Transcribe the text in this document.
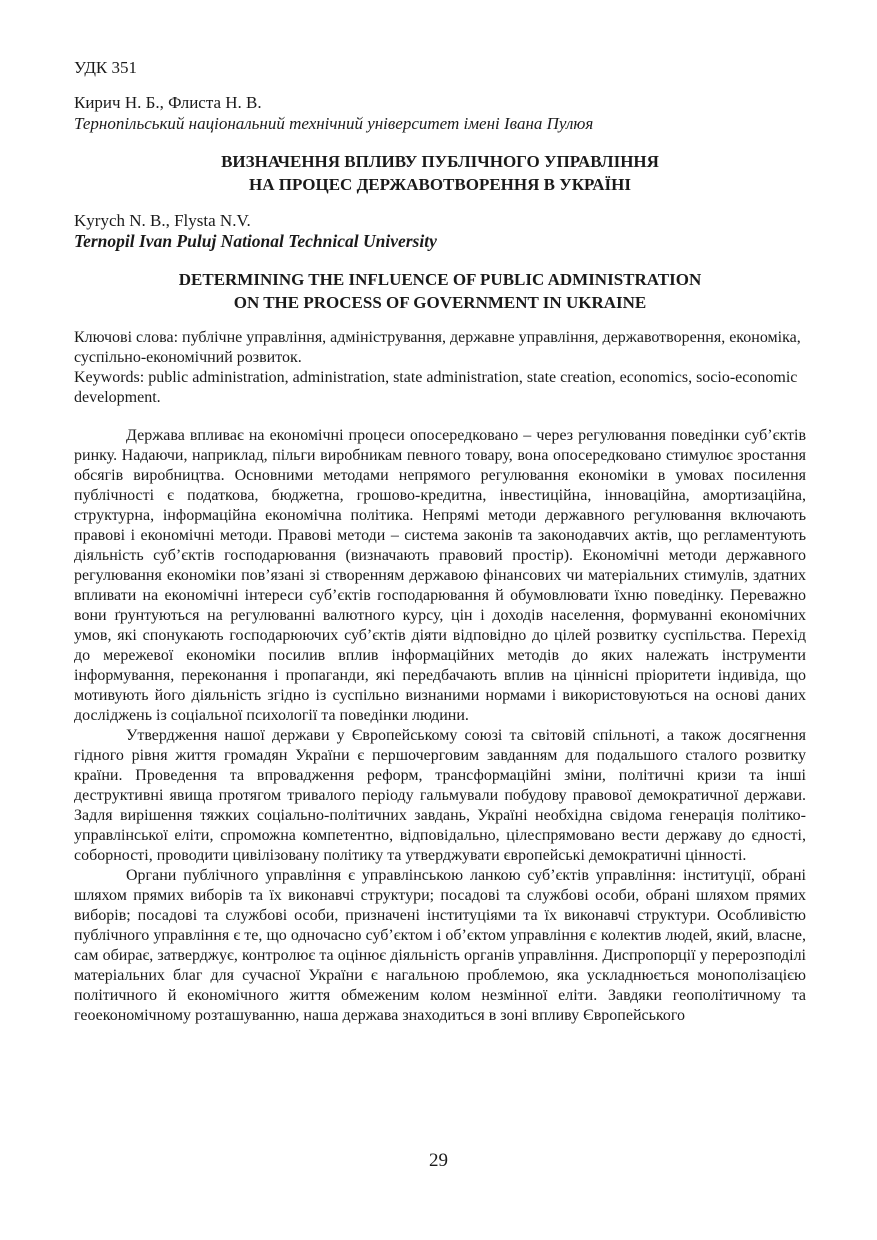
УДК 351
Кирич Н. Б., Флиста Н. В.
Тернопільський національний технічний університет імені Івана Пулюя
ВИЗНАЧЕННЯ ВПЛИВУ ПУБЛІЧНОГО УПРАВЛІННЯ
НА ПРОЦЕС ДЕРЖАВОТВОРЕННЯ В УКРАЇНІ
Kyrych N. B., Flysta N.V.
Ternopil Ivan Puluj National Technical University
DETERMINING THE INFLUENCE OF PUBLIC ADMINISTRATION
ON THE PROCESS OF GOVERNMENT IN UKRAINE

Ключові слова: публічне управління, адміністрування, державне управління, державотворення, економіка, суспільно-економічний розвиток.

Keywords: public administration, administration, state administration, state creation, economics, socio-economic development.

Держава впливає на економічні процеси опосередковано – через регулювання поведінки суб’єктів ринку. Надаючи, наприклад, пільги виробникам певного товару, вона опосередковано стимулює зростання обсягів виробництва. Основними методами непрямого регулювання економіки в умовах посилення публічності є податкова, бюджетна, грошово-кредитна, інвестиційна, інноваційна, амортизаційна, структурна, інформаційна економічна політика. Непрямі методи державного регулювання включають правові і економічні методи. Правові методи – система законів та законодавчих актів, що регламентують діяльність суб’єктів господарювання (визначають правовий простір). Економічні методи державного регулювання економіки пов’язані зі створенням державою фінансових чи матеріальних стимулів, здатних впливати на економічні інтереси суб’єктів господарювання й обумовлювати їхню поведінку. Переважно вони ґрунтуються на регулюванні валютного курсу, цін і доходів населення, формуванні економічних умов, які спонукають господарюючих суб’єктів діяти відповідно до цілей розвитку суспільства. Перехід до мережевої економіки посилив вплив інформаційних методів до яких належать інструменти інформування, переконання і пропаганди, які передбачають вплив на ціннісні пріоритети індивіда, що мотивують його діяльність згідно із суспільно визнаними нормами і використовуються на основі даних досліджень із соціальної психології та поведінки людини.

Утвердження нашої держави у Європейському союзі та світовій спільноті, а також досягнення гідного рівня життя громадян України є першочерговим завданням для подальшого сталого розвитку країни. Проведення та впровадження реформ, трансформаційні зміни, політичні кризи та інші деструктивні явища протягом тривалого періоду гальмували побудову правової демократичної держави. Задля вирішення тяжких соціально-політичних завдань, Україні необхідна свідома генерація політико-управлінської еліти, спроможна компетентно, відповідально, цілеспрямовано вести державу до єдності, соборності, проводити цивілізовану політику та утверджувати європейські демократичні цінності.

Органи публічного управління є управлінською ланкою суб’єктів управління: інституції, обрані шляхом прямих виборів та їх виконавчі структури; посадові та службові особи, обрані шляхом прямих виборів; посадові та службові особи, призначені інституціями та їх виконавчі структури. Особливістю публічного управління є те, що одночасно суб’єктом і об’єктом управління є колектив людей, який, власне, сам обирає, затверджує, контролює та оцінює діяльність органів управління. Диспропорції у перерозподілі матеріальних благ для сучасної України є нагальною проблемою, яка ускладнюється монополізацією політичного й економічного життя обмеженим колом незмінної еліти. Завдяки геополітичному та геоекономічному розташуванню, наша держава знаходиться в зоні впливу Європейського

29
